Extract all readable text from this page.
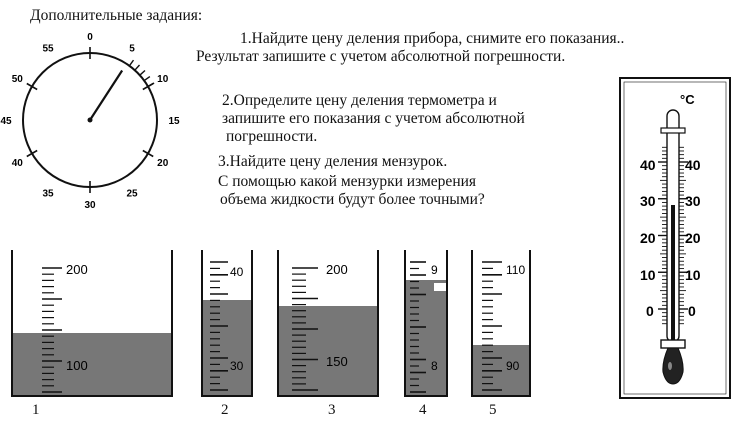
Дополнительные задания:
1.Найдите цену деления прибора, снимите его показания..
Результат запишите с учетом абсолютной погрешности.
2.Определите цену деления термометра и
запишите его показания с учетом абсолютной
погрешности.
3.Найдите цену деления мензурок.
С помощью какой мензурки измерения
объема жидкости будут более точными?
0
5
10
15
20
25
30
35
40
45
50
55
°C
40
30
20
10
0
40
30
20
10
0
200
100
40
30
200
150
9
8
110
90
1	2	3	4	5
